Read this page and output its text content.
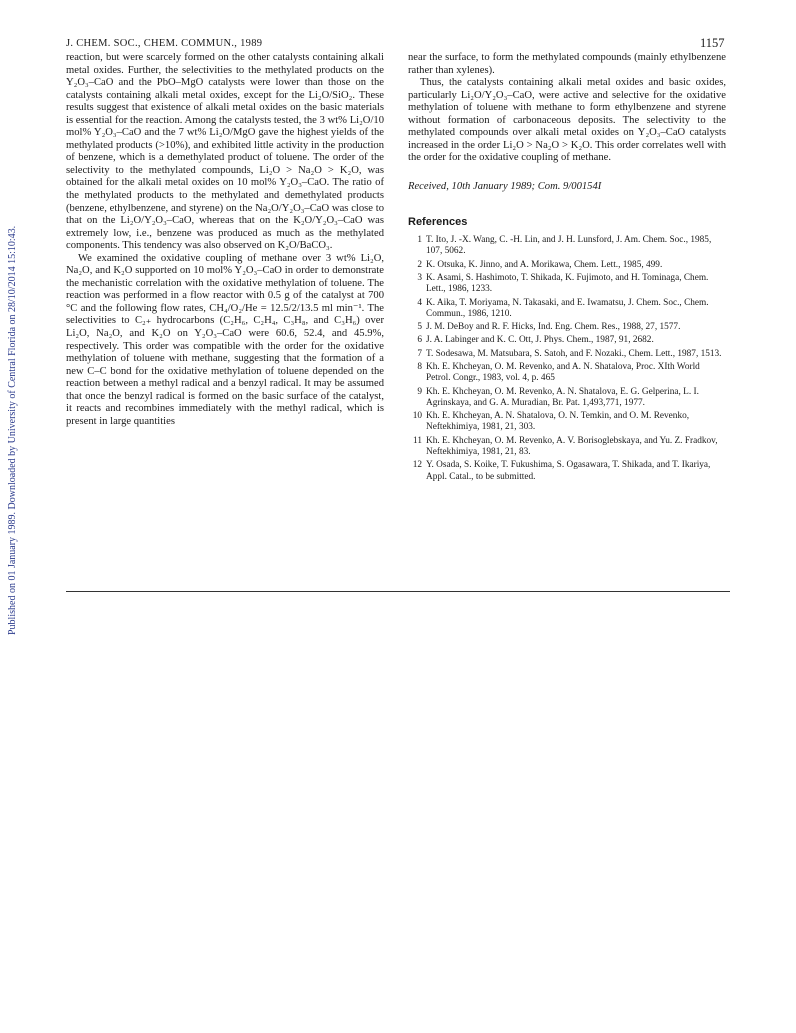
J. CHEM. SOC., CHEM. COMMUN., 1989	1157
Published on 01 January 1989. Downloaded by University of Central Florida on 28/10/2014 15:10:43.

reaction, but were scarcely formed on the other catalysts containing alkali metal oxides. Further, the selectivities to the methylated products on the Y₂O₃–CaO and the PbO–MgO catalysts were lower than those on the catalysts containing alkali metal oxides, except for the Li₂O/SiO₂. These results suggest that existence of alkali metal oxides on the basic materials is essential for the reaction. Among the catalysts tested, the 3 wt% Li₂O/10 mol% Y₂O₃–CaO and the 7 wt% Li₂O/MgO gave the highest yields of the methylated products (>10%), and exhibited little activity in the production of benzene, which is a demethylated product of toluene. The order of the selectivity to the methylated compounds, Li₂O > Na₂O > K₂O, was obtained for the alkali metal oxides on 10 mol% Y₂O₃–CaO. The ratio of the methylated products to the methylated and demethylated products (benzene, ethylbenzene, and styrene) on the Na₂O/Y₂O₃–CaO was close to that on the Li₂O/Y₂O₃–CaO, whereas that on the K₂O/Y₂O₃–CaO was extremely low, i.e., benzene was produced as much as the methylated components. This tendency was also observed on K₂O/BaCO₃.

We examined the oxidative coupling of methane over 3 wt% Li₂O, Na₂O, and K₂O supported on 10 mol% Y₂O₃–CaO in order to demonstrate the mechanistic correlation with the oxidative methylation of toluene. The reaction was performed in a flow reactor with 0.5 g of the catalyst at 700 °C and the following flow rates, CH₄/O₂/He = 12.5/2/13.5 ml min⁻¹. The selectivities to C₂₊ hydrocarbons (C₂H₆, C₂H₄, C₃H₈, and C₃H₆) over Li₂O, Na₂O, and K₂O on Y₂O₃–CaO were 60.6, 52.4, and 45.9%, respectively. This order was compatible with the order for the oxidative methylation of toluene with methane, suggesting that the formation of a new C–C bond for the oxidative methylation of toluene depended on the reaction between a methyl radical and a benzyl radical. It may be assumed that once the benzyl radical is formed on the basic surface of the catalyst, it reacts and recombines immediately with the methyl radical, which is present in large quantities

near the surface, to form the methylated compounds (mainly ethylbenzene rather than xylenes).

Thus, the catalysts containing alkali metal oxides and basic oxides, particularly Li₂O/Y₂O₃–CaO, were active and selective for the oxidative methylation of toluene with methane to form ethylbenzene and styrene without formation of carbonaceous deposits. The selectivity to the methylated compounds over alkali metal oxides on Y₂O₃–CaO catalysts increased in the order Li₂O > Na₂O > K₂O. This order correlates well with the order for the oxidative coupling of methane.

Received, 10th January 1989; Com. 9/00154I

References

1 T. Ito, J. -X. Wang, C. -H. Lin, and J. H. Lunsford, J. Am. Chem. Soc., 1985, 107, 5062.
2 K. Otsuka, K. Jinno, and A. Morikawa, Chem. Lett., 1985, 499.
3 K. Asami, S. Hashimoto, T. Shikada, K. Fujimoto, and H. Tominaga, Chem. Lett., 1986, 1233.
4 K. Aika, T. Moriyama, N. Takasaki, and E. Iwamatsu, J. Chem. Soc., Chem. Commun., 1986, 1210.
5 J. M. DeBoy and R. F. Hicks, Ind. Eng. Chem. Res., 1988, 27, 1577.
6 J. A. Labinger and K. C. Ott, J. Phys. Chem., 1987, 91, 2682.
7 T. Sodesawa, M. Matsubara, S. Satoh, and F. Nozaki., Chem. Lett., 1987, 1513.
8 Kh. E. Khcheyan, O. M. Revenko, and A. N. Shatalova, Proc. XIth World Petrol. Congr., 1983, vol. 4, p. 465
9 Kh. E. Khcheyan, O. M. Revenko, A. N. Shatalova, E. G. Gelperina, L. I. Agrinskaya, and G. A. Muradian, Br. Pat. 1,493,771, 1977.
10 Kh. E. Khcheyan, A. N. Shatalova, O. N. Temkin, and O. M. Revenko, Neftekhimiya, 1981, 21, 303.
11 Kh. E. Khcheyan, O. M. Revenko, A. V. Borisoglebskaya, and Yu. Z. Fradkov, Neftekhimiya, 1981, 21, 83.
12 Y. Osada, S. Koike, T. Fukushima, S. Ogasawara, T. Shikada, and T. Ikariya, Appl. Catal., to be submitted.
